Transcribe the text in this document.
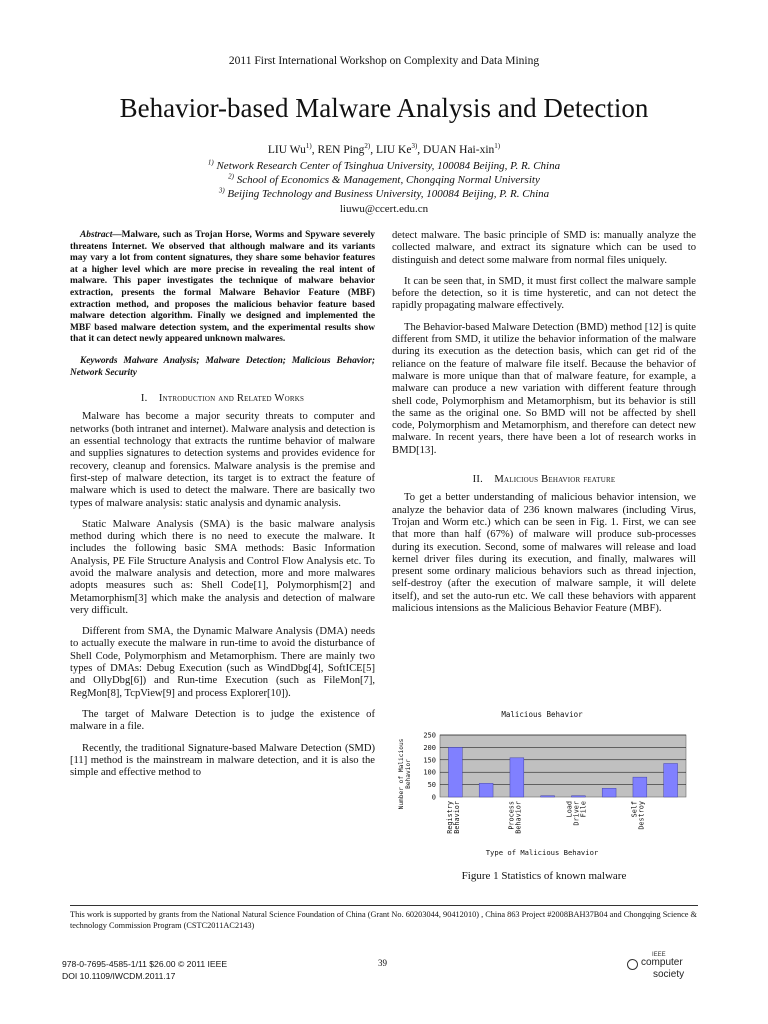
2011 First International Workshop on Complexity and Data Mining
Behavior-based Malware Analysis and Detection
LIU Wu$^{1)}$, REN Ping$^{2)}$, LIU Ke$^{3)}$, DUAN Hai-xin$^{1)}$
$^{1)}$ Network Research Center of Tsinghua University, 100084 Beijing, P. R. China
$^{2)}$ School of Economics & Management, Chongqing Normal University
$^{3)}$ Beijing Technology and Business University, 100084 Beijing, P. R. China
liuwu@ccert.edu.cn

Abstract—Malware, such as Trojan Horse, Worms and Spyware severely threatens Internet. We observed that although malware and its variants may vary a lot from content signatures, they share some behavior features at a higher level which are more precise in revealing the real intent of malware. This paper investigates the technique of malware behavior extraction, presents the formal Malware Behavior Feature (MBF) extraction method, and proposes the malicious behavior feature based malware detection algorithm. Finally we designed and implemented the MBF based malware detection system, and the experimental results show that it can detect newly appeared unknown malwares.

Keywords Malware Analysis; Malware Detection; Malicious Behavior; Network Security

I. Introduction and Related Works

Malware has become a major security threats to computer and networks (both intranet and internet). Malware analysis and detection is an essential technology that extracts the runtime behavior of malware and supplies signatures to detection systems and provides evidence for recovery, cleanup and forensics. Malware analysis is the premise and first-step of malware detection, its target is to extract the feature of malware which is used to detect the malware. There are basically two types of malware analysis: static analysis and dynamic analysis.

Static Malware Analysis (SMA) is the basic malware analysis method during which there is no need to execute the malware. It includes the following basic SMA methods: Basic Information Analysis, PE File Structure Analysis and Control Flow Analysis etc. To avoid the malware analysis and detection, more and more malwares adopts measures such as: Shell Code[1], Polymorphism[2] and Metamorphism[3] which make the analysis and detection of malware very difficult.

Different from SMA, the Dynamic Malware Analysis (DMA) needs to actually execute the malware in run-time to avoid the disturbance of Shell Code, Polymorphism and Metamorphism. There are mainly two types of DMAs: Debug Execution (such as WindDbg[4], SoftICE[5] and OllyDbg[6]) and Run-time Execution (such as FileMon[7], RegMon[8], TcpView[9] and process Explorer[10]).

The target of Malware Detection is to judge the existence of malware in a file.

Recently, the traditional Signature-based Malware Detection (SMD)[11] method is the mainstream in malware detection, and it is also the simple and effective method to

detect malware. The basic principle of SMD is: manually analyze the collected malware, and extract its signature which can be used to distinguish and detect some malware from normal files uniquely.

It can be seen that, in SMD, it must first collect the malware sample before the detection, so it is time hysteretic, and can not detect the rapidly propagating malware effectively.

The Behavior-based Malware Detection (BMD) method [12] is quite different from SMD, it utilize the behavior information of the malware during its execution as the detection basis, which can get rid of the reliance on the feature of malware file itself. Because the behavior of malware is more unique than that of malware feature, for example, a malware can produce a new variation with different feature through shell code, Polymorphism and Metamorphism, but its behavior is still the same as the original one. So BMD will not be affected by shell code, Polymorphism and Metamorphism, and therefore can detect new malware. In recent years, there have been a lot of research works in BMD[13].

II. Malicious Behavior feature

To get a better understanding of malicious behavior intension, we analyze the behavior data of 236 known malwares (including Virus, Trojan and Worm etc.) which can be seen in Fig. 1. First, we can see that more than half (67%) of malware will produce sub-processes during its execution. Second, some of malwares will release and load kernel driver files during its execution, and finally, malwares will present some ordinary malicious behaviors such as thread injection, self-destroy (after the execution of malware sample, it will delete itself), and set the auto-run etc. We call these behaviors with apparent malicious intensions as the Malicious Behavior Feature (MBF).

Malicious Behavior
0
50
100
150
200
250
RegistryBehavior	ProcessBehavior	LoadDriverFile	SelfDestroy
Type of Malicious Behavior
Number of MaliciousBehavior
Figure 1 Statistics of known malware
This work is supported by grants from the National Natural Science Foundation of China (Grant No. 60203044, 90412010) , China 863 Project #2008BAH37B04 and Chongqing Science & technology Commission Program (CSTC2011AC2143)
978-0-7695-4585-1/11 $26.00 © 2011 IEEE
DOI 10.1109/IWCDM.2011.17
39
IEEE
computer
society
